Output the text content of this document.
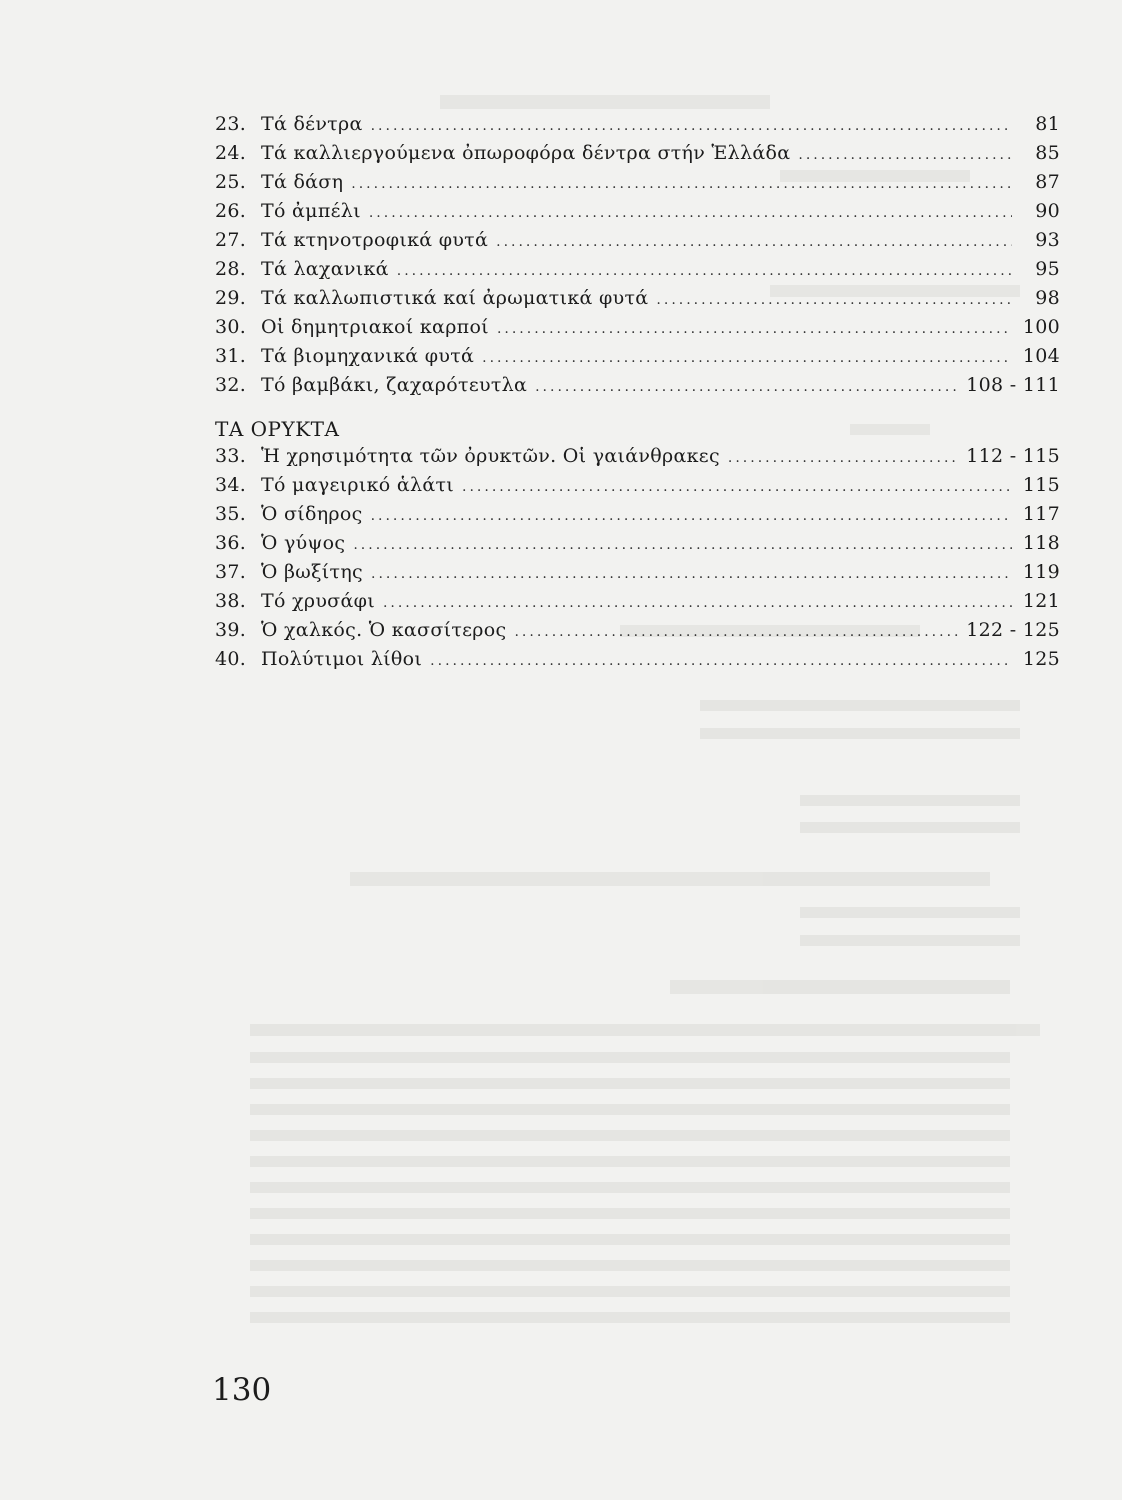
23. Τά δέντρα .....	81
24. Τά καλλιεργούμενα ὀπωροφόρα δέντρα στήν Ἑλλάδα .....	85
25. Τά δάση .....	87
26. Τό ἀμπέλι .....	90
27. Τά κτηνοτροφικά φυτά .....	93
28. Τά λαχανικά .....	95
29. Τά καλλωπιστικά καί ἀρωματικά φυτά .....	98
30. Οἱ δημητριακοί καρποί .....	100
31. Τά βιομηχανικά φυτά .....	104
32. Τό βαμβάκι, ζαχαρότευτλα .....	108 - 111
ΤΑ ΟΡΥΚΤΑ
33. Ἡ χρησιμότητα τῶν ὀρυκτῶν. Οἱ γαιάνθρακες .....	112 - 115
34. Τό μαγειρικό ἁλάτι .....	115
35. Ὁ σίδηρος .....	117
36. Ὁ γύψος .....	118
37. Ὁ βωξίτης .....	119
38. Τό χρυσάφι .....	121
39. Ὁ χαλκός. Ὁ κασσίτερος .....	122 - 125
40. Πολύτιμοι λίθοι .....	125
130
